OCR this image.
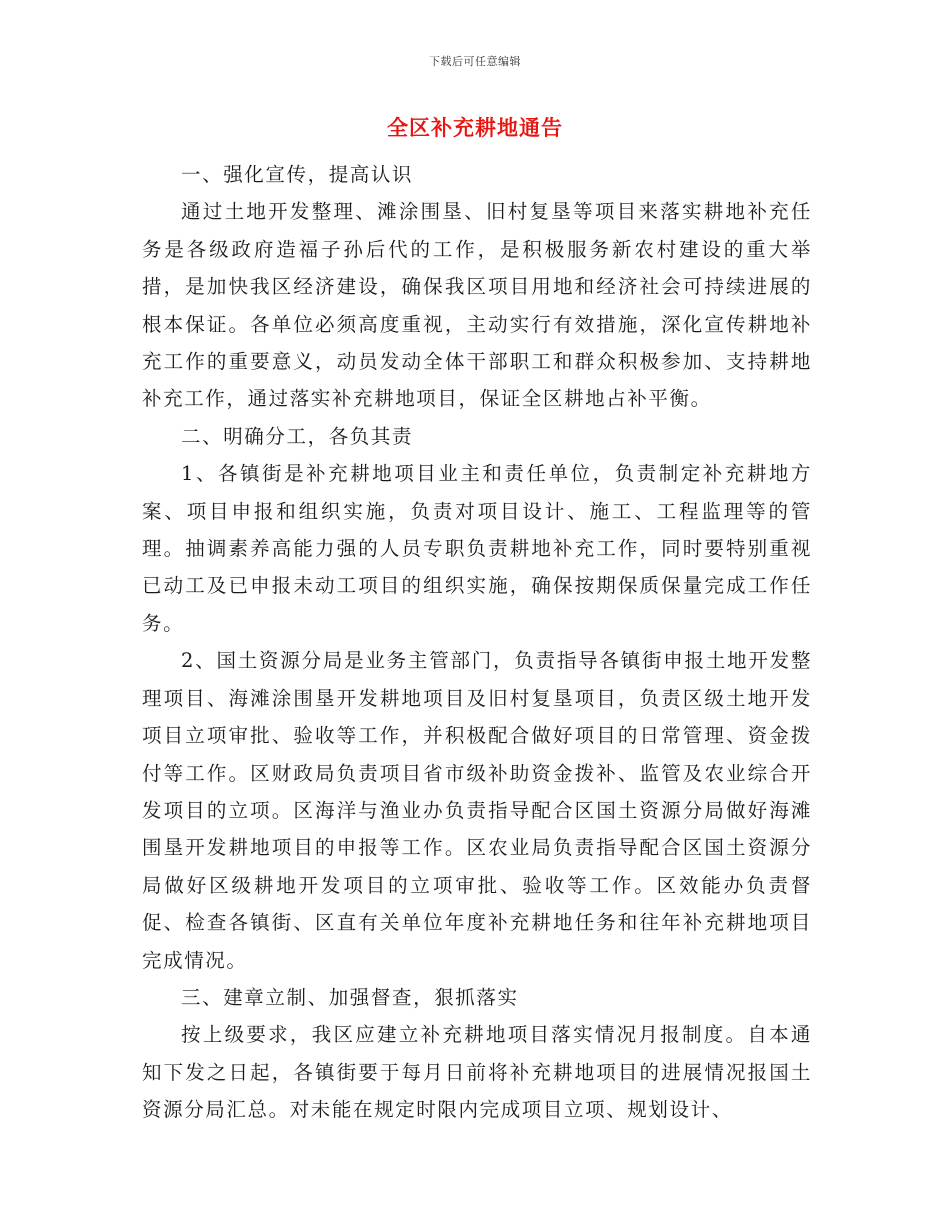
下载后可任意编辑
全区补充耕地通告

一、强化宣传，提高认识

通过土地开发整理、滩涂围垦、旧村复垦等项目来落实耕地补充任务是各级政府造福子孙后代的工作，是积极服务新农村建设的重大举措，是加快我区经济建设，确保我区项目用地和经济社会可持续进展的根本保证。各单位必须高度重视，主动实行有效措施，深化宣传耕地补充工作的重要意义，动员发动全体干部职工和群众积极参加、支持耕地补充工作，通过落实补充耕地项目，保证全区耕地占补平衡。

二、明确分工，各负其责

1、各镇街是补充耕地项目业主和责任单位，负责制定补充耕地方案、项目申报和组织实施，负责对项目设计、施工、工程监理等的管理。抽调素养高能力强的人员专职负责耕地补充工作，同时要特别重视已动工及已申报未动工项目的组织实施，确保按期保质保量完成工作任务。

2、国土资源分局是业务主管部门，负责指导各镇街申报土地开发整理项目、海滩涂围垦开发耕地项目及旧村复垦项目，负责区级土地开发项目立项审批、验收等工作，并积极配合做好项目的日常管理、资金拨付等工作。区财政局负责项目省市级补助资金拨补、监管及农业综合开发项目的立项。区海洋与渔业办负责指导配合区国土资源分局做好海滩围垦开发耕地项目的申报等工作。区农业局负责指导配合区国土资源分局做好区级耕地开发项目的立项审批、验收等工作。区效能办负责督促、检查各镇街、区直有关单位年度补充耕地任务和往年补充耕地项目完成情况。

三、建章立制、加强督查，狠抓落实

按上级要求，我区应建立补充耕地项目落实情况月报制度。自本通知下发之日起，各镇街要于每月日前将补充耕地项目的进展情况报国土资源分局汇总。对未能在规定时限内完成项目立项、规划设计、
